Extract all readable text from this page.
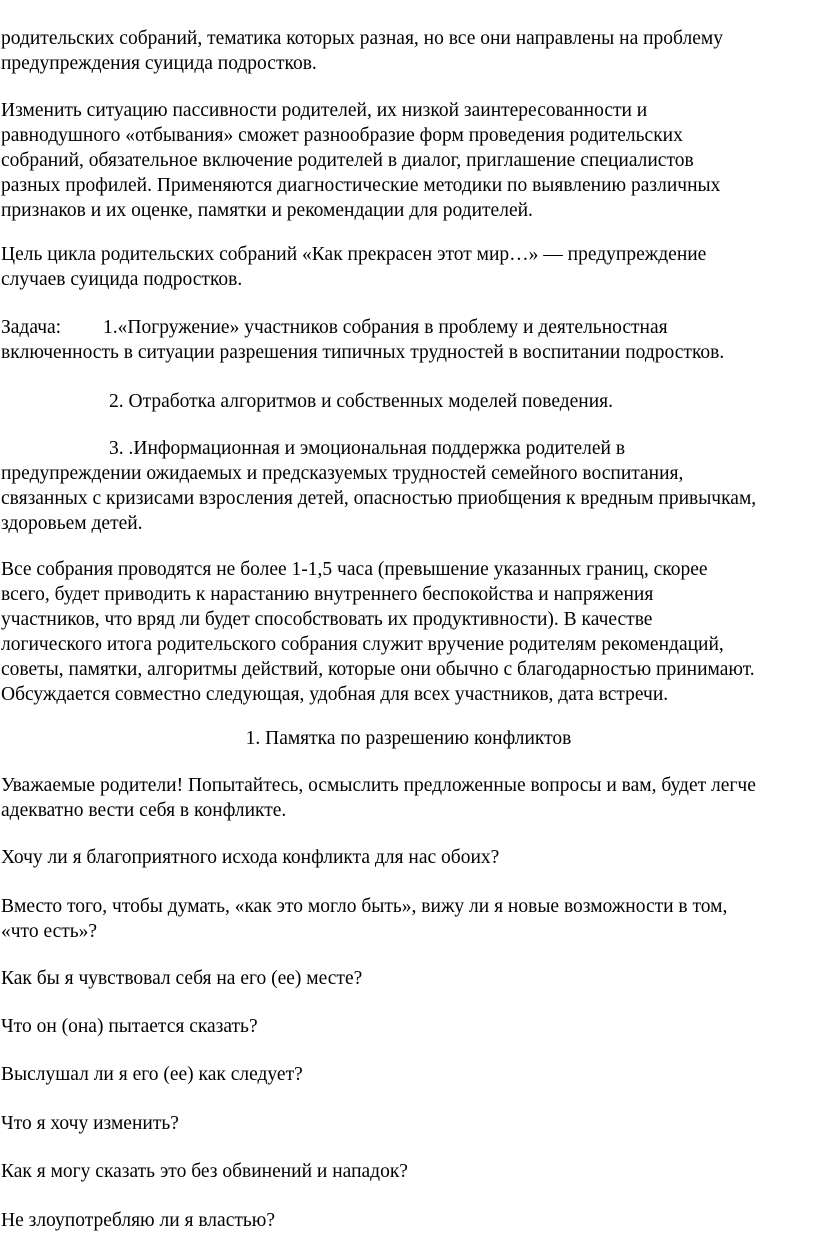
родительских собраний, тематика которых разная, но все они направлены на проблему
предупреждения суицида подростков.
Изменить ситуацию пассивности родителей, их низкой заинтересованности и
равнодушного «отбывания» сможет разнообразие форм проведения родительских
собраний, обязательное включение родителей в диалог, приглашение специалистов
разных профилей. Применяются диагностические методики по выявлению различных
признаков и их оценке, памятки и рекомендации для родителей.
Цель цикла родительских собраний «Как прекрасен этот мир…» — предупреждение
случаев суицида подростков.
Задача: 1.«Погружение» участников собрания в проблему и деятельностная
включенность в ситуации разрешения типичных трудностей в воспитании подростков.
2. Отработка алгоритмов и собственных моделей поведения.
3. .Информационная и эмоциональная поддержка родителей в
предупреждении ожидаемых и предсказуемых трудностей семейного воспитания,
связанных с кризисами взросления детей, опасностью приобщения к вредным привычкам,
здоровьем детей.
Все собрания проводятся не более 1-1,5 часа (превышение указанных границ, скорее
всего, будет приводить к нарастанию внутреннего беспокойства и напряжения
участников, что вряд ли будет способствовать их продуктивности). В качестве
логического итога родительского собрания служит вручение родителям рекомендаций,
советы, памятки, алгоритмы действий, которые они обычно с благодарностью принимают.
Обсуждается совместно следующая, удобная для всех участников, дата встречи.
1. Памятка по разрешению конфликтов
Уважаемые родители! Попытайтесь, осмыслить предложенные вопросы и вам, будет легче
адекватно вести себя в конфликте.
Хочу ли я благоприятного исхода конфликта для нас обоих?
Вместо того, чтобы думать, «как это могло быть», вижу ли я новые возможности в том,
«что есть»?
Как бы я чувствовал себя на его (ее) месте?
Что он (она) пытается сказать?
Выслушал ли я его (ее) как следует?
Что я хочу изменить?
Как я могу сказать это без обвинений и нападок?
Не злоупотребляю ли я властью?
